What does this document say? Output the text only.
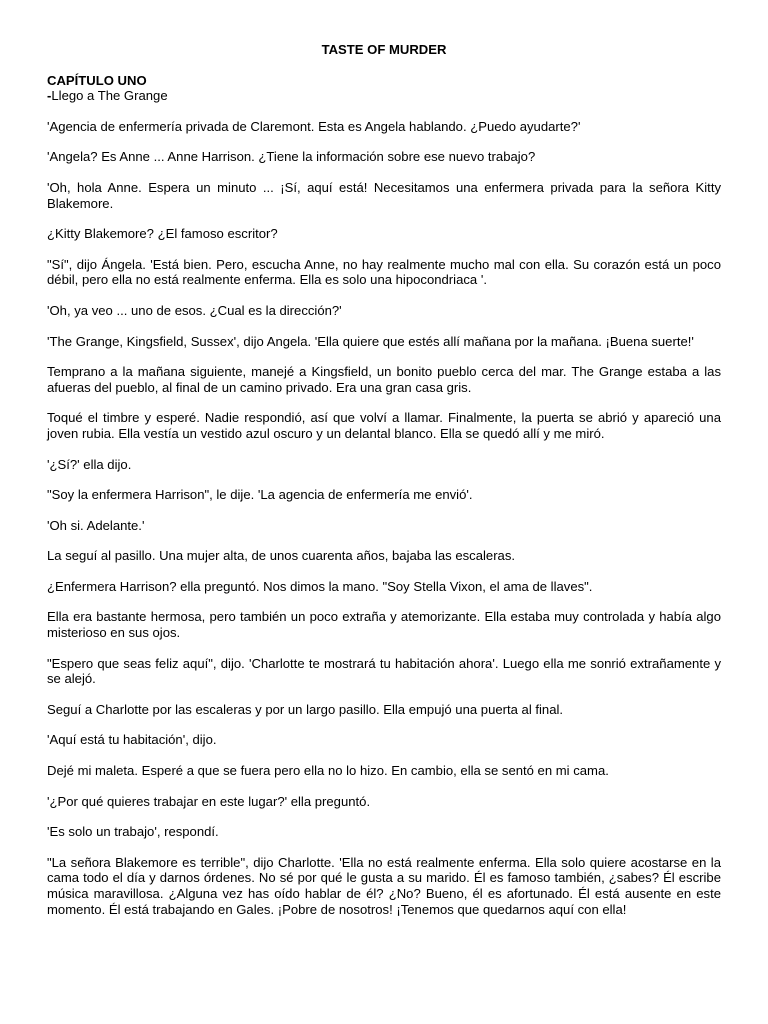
TASTE OF MURDER
CAPÍTULO UNO
-Llego a The Grange

'Agencia de enfermería privada de Claremont. Esta es Angela hablando. ¿Puedo ayudarte?'

'Angela? Es Anne ... Anne Harrison. ¿Tiene la información sobre ese nuevo trabajo?

'Oh, hola Anne. Espera un minuto ... ¡Sí, aquí está! Necesitamos una enfermera privada para la señora Kitty Blakemore.

¿Kitty Blakemore? ¿El famoso escritor?

"Sí", dijo Ángela. 'Está bien. Pero, escucha Anne, no hay realmente mucho mal con ella. Su corazón está un poco débil, pero ella no está realmente enferma. Ella es solo una hipocondriaca '.

'Oh, ya veo ... uno de esos. ¿Cual es la dirección?'

'The Grange, Kingsfield, Sussex', dijo Angela. 'Ella quiere que estés allí mañana por la mañana. ¡Buena suerte!'

Temprano a la mañana siguiente, manejé a Kingsfield, un bonito pueblo cerca del mar. The Grange estaba a las afueras del pueblo, al final de un camino privado. Era una gran casa gris.

Toqué el timbre y esperé. Nadie respondió, así que volví a llamar. Finalmente, la puerta se abrió y apareció una joven rubia. Ella vestía un vestido azul oscuro y un delantal blanco. Ella se quedó allí y me miró.

'¿Sí?' ella dijo.

"Soy la enfermera Harrison", le dije. 'La agencia de enfermería me envió'.

'Oh si. Adelante.'

La seguí al pasillo. Una mujer alta, de unos cuarenta años, bajaba las escaleras.

¿Enfermera Harrison? ella preguntó. Nos dimos la mano. "Soy Stella Vixon, el ama de llaves".

Ella era bastante hermosa, pero también un poco extraña y atemorizante. Ella estaba muy controlada y había algo misterioso en sus ojos.

"Espero que seas feliz aquí", dijo. 'Charlotte te mostrará tu habitación ahora'. Luego ella me sonrió extrañamente y se alejó.

Seguí a Charlotte por las escaleras y por un largo pasillo. Ella empujó una puerta al final.

'Aquí está tu habitación', dijo.

Dejé mi maleta. Esperé a que se fuera pero ella no lo hizo. En cambio, ella se sentó en mi cama.

'¿Por qué quieres trabajar en este lugar?' ella preguntó.

'Es solo un trabajo', respondí.

"La señora Blakemore es terrible", dijo Charlotte. 'Ella no está realmente enferma. Ella solo quiere acostarse en la cama todo el día y darnos órdenes. No sé por qué le gusta a su marido. Él es famoso también, ¿sabes? Él escribe música maravillosa. ¿Alguna vez has oído hablar de él? ¿No? Bueno, él es afortunado. Él está ausente en este momento. Él está trabajando en Gales. ¡Pobre de nosotros! ¡Tenemos que quedarnos aquí con ella!
